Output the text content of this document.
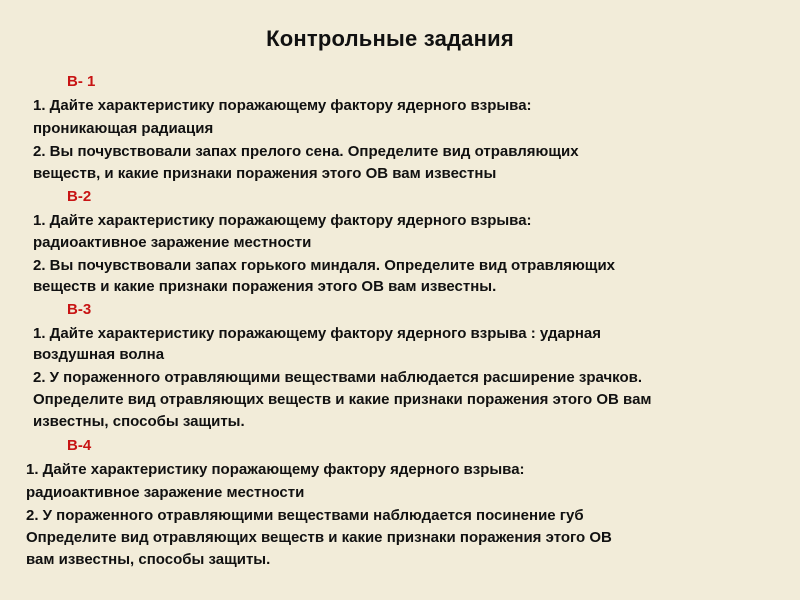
Контрольные задания
В- 1
1. Дайте характеристику поражающему фактору ядерного взрыва:
проникающая радиация
2. Вы почувствовали запах прелого сена. Определите вид отравляющих
веществ, и какие признаки поражения этого ОВ вам известны
В-2
1. Дайте характеристику поражающему фактору ядерного взрыва:
радиоактивное заражение местности
2. Вы почувствовали запах горького миндаля. Определите вид отравляющих
веществ и какие признаки поражения этого ОВ вам известны.
В-3
1. Дайте характеристику поражающему фактору ядерного взрыва : ударная
воздушная волна
2. У пораженного отравляющими веществами наблюдается расширение зрачков.
Определите вид отравляющих веществ и какие признаки поражения этого ОВ вам
известны, способы защиты.
В-4
1. Дайте характеристику поражающему фактору ядерного взрыва:
радиоактивное заражение местности
2. У пораженного отравляющими веществами наблюдается посинение губ
Определите вид отравляющих веществ и какие признаки поражения этого ОВ
вам известны, способы защиты.
